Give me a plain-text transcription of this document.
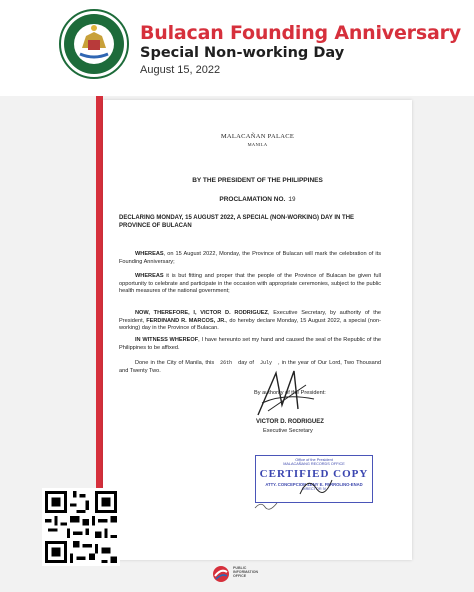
Bulacan Founding Anniversary
Special Non-working Day
August 15, 2022
MALACAÑAN PALACE
MANILA
BY THE PRESIDENT OF THE PHILIPPINES
PROCLAMATION NO. 19
DECLARING MONDAY, 15 AUGUST 2022, A SPECIAL (NON-WORKING) DAY IN THE PROVINCE OF BULACAN
WHEREAS, on 15 August 2022, Monday, the Province of Bulacan will mark the celebration of its Founding Anniversary;
WHEREAS it is but fitting and proper that the people of the Province of Bulacan be given full opportunity to celebrate and participate in the occasion with appropriate ceremonies, subject to the public health measures of the national government;
NOW, THEREFORE, I, VICTOR D. RODRIGUEZ, Executive Secretary, by authority of the President, FERDINAND R. MARCOS, JR., do hereby declare Monday, 15 August 2022, a special (non-working) day in the Province of Bulacan.
IN WITNESS WHEREOF, I have hereunto set my hand and caused the seal of the Republic of the Philippines to be affixed.
Done in the City of Manila, this 26th day of July , in the year of Our Lord, Two Thousand and Twenty Two.
By authority of the President:
VICTOR D. RODRIGUEZ
Executive Secretary
Office of the President
MALACAÑANG RECORDS OFFICE
CERTIFIED COPY
ATTY. CONCEPCION ZENY E. FERROLINO-ENAD
DIRECTOR IV
PUBLIC
INFORMATION
OFFICE
